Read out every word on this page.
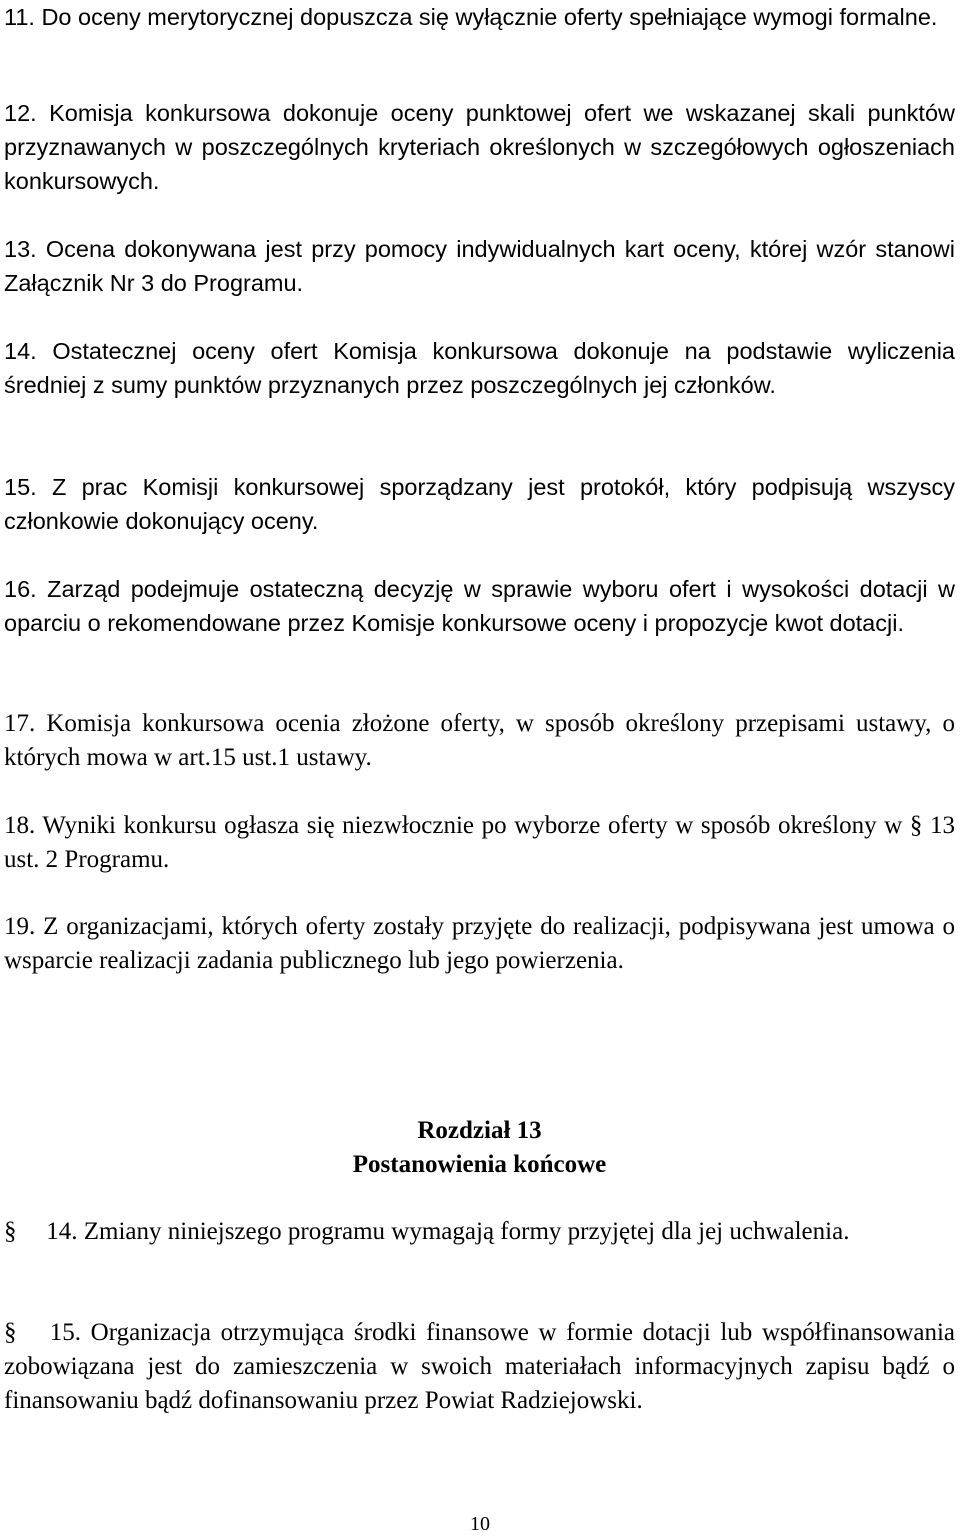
11. Do oceny merytorycznej dopuszcza się wyłącznie oferty spełniające wymogi formalne.

12. Komisja konkursowa dokonuje oceny punktowej ofert we wskazanej skali punktów przyznawanych w poszczególnych kryteriach określonych w szczegółowych ogłoszeniach konkursowych.

13. Ocena dokonywana jest przy pomocy indywidualnych kart oceny, której wzór stanowi Załącznik Nr 3 do Programu.

14. Ostatecznej oceny ofert Komisja konkursowa dokonuje na podstawie wyliczenia średniej z sumy punktów przyznanych przez poszczególnych jej członków.

15. Z prac Komisji konkursowej sporządzany jest protokół, który podpisują wszyscy członkowie dokonujący oceny.

16. Zarząd podejmuje ostateczną decyzję w sprawie wyboru ofert i wysokości dotacji w oparciu o rekomendowane przez Komisje konkursowe oceny i propozycje kwot dotacji.

17. Komisja konkursowa ocenia złożone oferty, w sposób określony przepisami ustawy, o których mowa w art.15 ust.1 ustawy.

18. Wyniki konkursu ogłasza się niezwłocznie po wyborze oferty w sposób określony w § 13 ust. 2 Programu.

19. Z organizacjami, których oferty zostały przyjęte do realizacji, podpisywana jest umowa o wsparcie realizacji zadania publicznego lub jego powierzenia.

Rozdział 13
Postanowienia końcowe

§ 14. Zmiany niniejszego programu wymagają formy przyjętej dla jej uchwalenia.

§ 15. Organizacja otrzymująca środki finansowe w formie dotacji lub współfinansowania zobowiązana jest do zamieszczenia w swoich materiałach informacyjnych zapisu bądź o finansowaniu bądź dofinansowaniu przez Powiat Radziejowski.

10
